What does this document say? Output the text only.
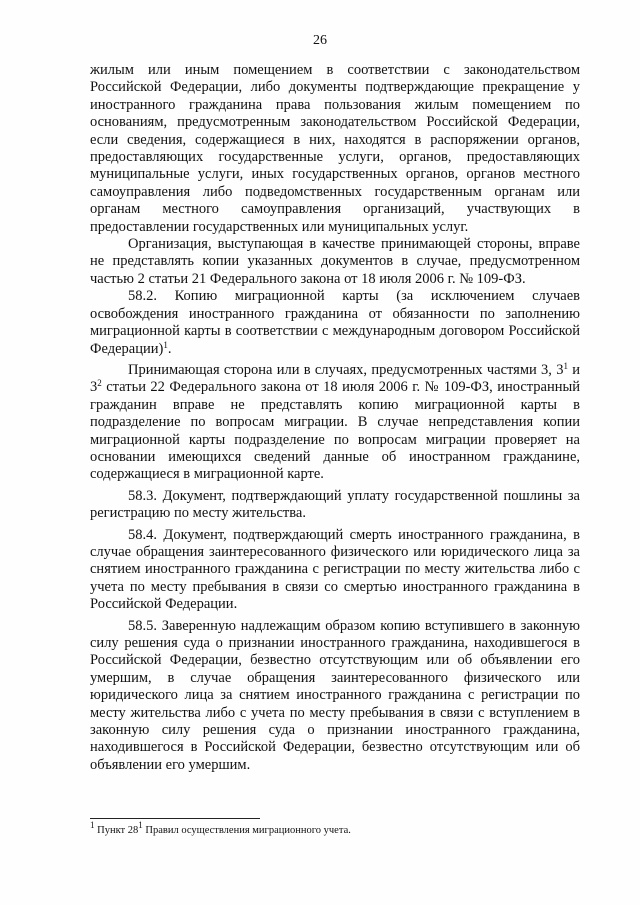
26

жилым или иным помещением в соответствии с законодательством Российской Федерации, либо документы подтверждающие прекращение у иностранного гражданина права пользования жилым помещением по основаниям, предусмотренным законодательством Российской Федерации, если сведения, содержащиеся в них, находятся в распоряжении органов, предоставляющих государственные услуги, органов, предоставляющих муниципальные услуги, иных государственных органов, органов местного самоуправления либо подведомственных государственным органам или органам местного самоуправления организаций, участвующих в предоставлении государственных или муниципальных услуг.

Организация, выступающая в качестве принимающей стороны, вправе не представлять копии указанных документов в случае, предусмотренном частью 2 статьи 21 Федерального закона от 18 июля 2006 г. № 109-ФЗ.

58.2. Копию миграционной карты (за исключением случаев освобождения иностранного гражданина от обязанности по заполнению миграционной карты в соответствии с международным договором Российской Федерации)$^1$.

Принимающая сторона или в случаях, предусмотренных частями 3, $3^1$ и $3^2$ статьи 22 Федерального закона от 18 июля 2006 г. № 109-ФЗ, иностранный гражданин вправе не представлять копию миграционной карты в подразделение по вопросам миграции. В случае непредставления копии миграционной карты подразделение по вопросам миграции проверяет на основании имеющихся сведений данные об иностранном гражданине, содержащиеся в миграционной карте.

58.3. Документ, подтверждающий уплату государственной пошлины за регистрацию по месту жительства.

58.4. Документ, подтверждающий смерть иностранного гражданина, в случае обращения заинтересованного физического или юридического лица за снятием иностранного гражданина с регистрации по месту жительства либо с учета по месту пребывания в связи со смертью иностранного гражданина в Российской Федерации.

58.5. Заверенную надлежащим образом копию вступившего в законную силу решения суда о признании иностранного гражданина, находившегося в Российской Федерации, безвестно отсутствующим или об объявлении его умершим, в случае обращения заинтересованного физического или юридического лица за снятием иностранного гражданина с регистрации по месту жительства либо с учета по месту пребывания в связи с вступлением в законную силу решения суда о признании иностранного гражданина, находившегося в Российской Федерации, безвестно отсутствующим или об объявлении его умершим.

$^1$ Пункт $28^1$ Правил осуществления миграционного учета.
